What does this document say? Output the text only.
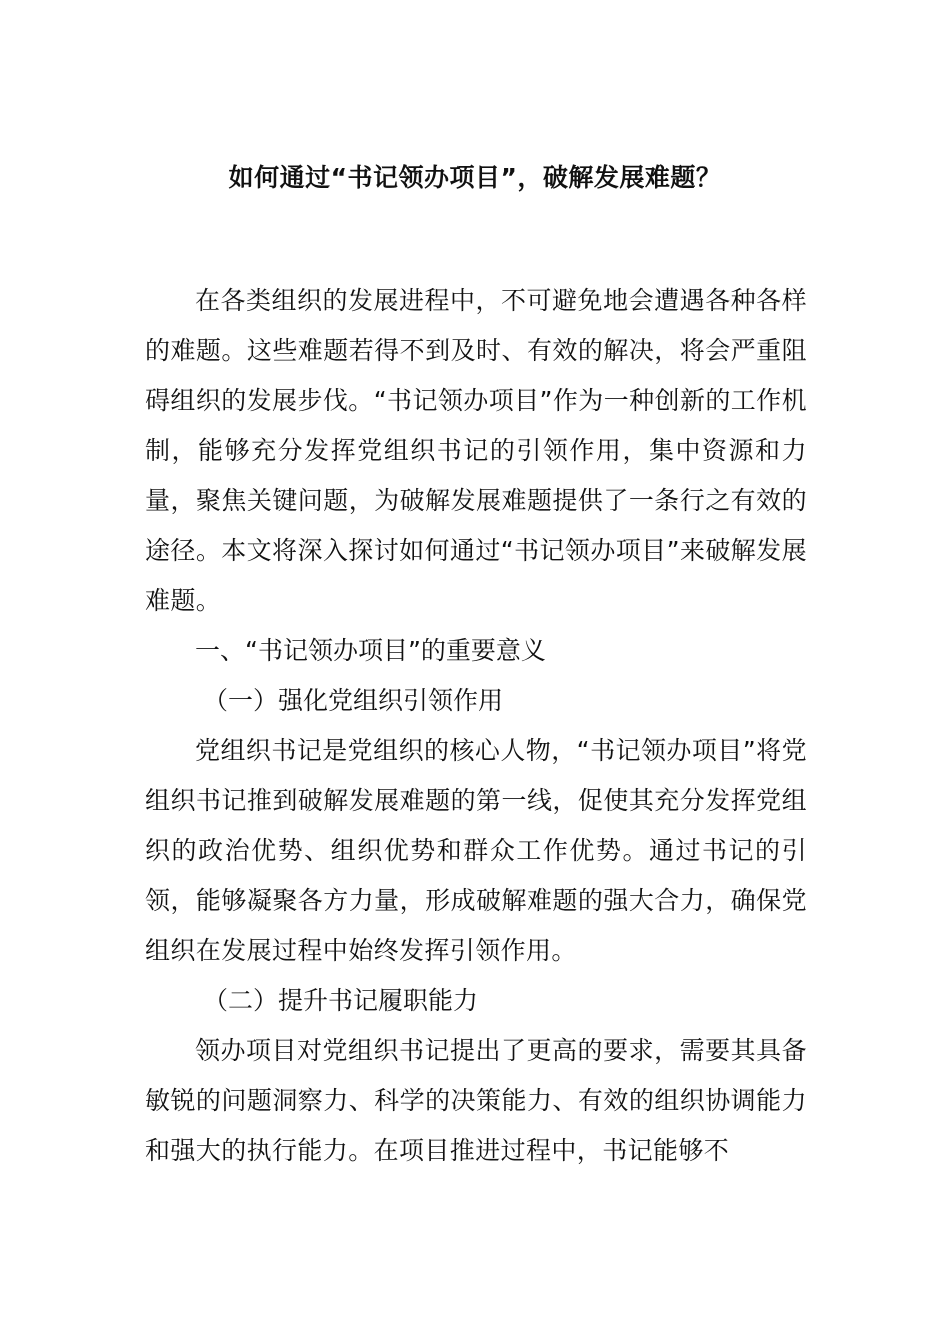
如何通过“书记领办项目”，破解发展难题？

在各类组织的发展进程中，不可避免地会遭遇各种各样的难题。这些难题若得不到及时、有效的解决，将会严重阻碍组织的发展步伐。“书记领办项目”作为一种创新的工作机制，能够充分发挥党组织书记的引领作用，集中资源和力量，聚焦关键问题，为破解发展难题提供了一条行之有效的途径。本文将深入探讨如何通过“书记领办项目”来破解发展难题。

一、“书记领办项目”的重要意义

（一）强化党组织引领作用

党组织书记是党组织的核心人物，“书记领办项目”将党组织书记推到破解发展难题的第一线，促使其充分发挥党组织的政治优势、组织优势和群众工作优势。通过书记的引领，能够凝聚各方力量，形成破解难题的强大合力，确保党组织在发展过程中始终发挥引领作用。

（二）提升书记履职能力

领办项目对党组织书记提出了更高的要求，需要其具备敏锐的问题洞察力、科学的决策能力、有效的组织协调能力和强大的执行能力。在项目推进过程中，书记能够不
